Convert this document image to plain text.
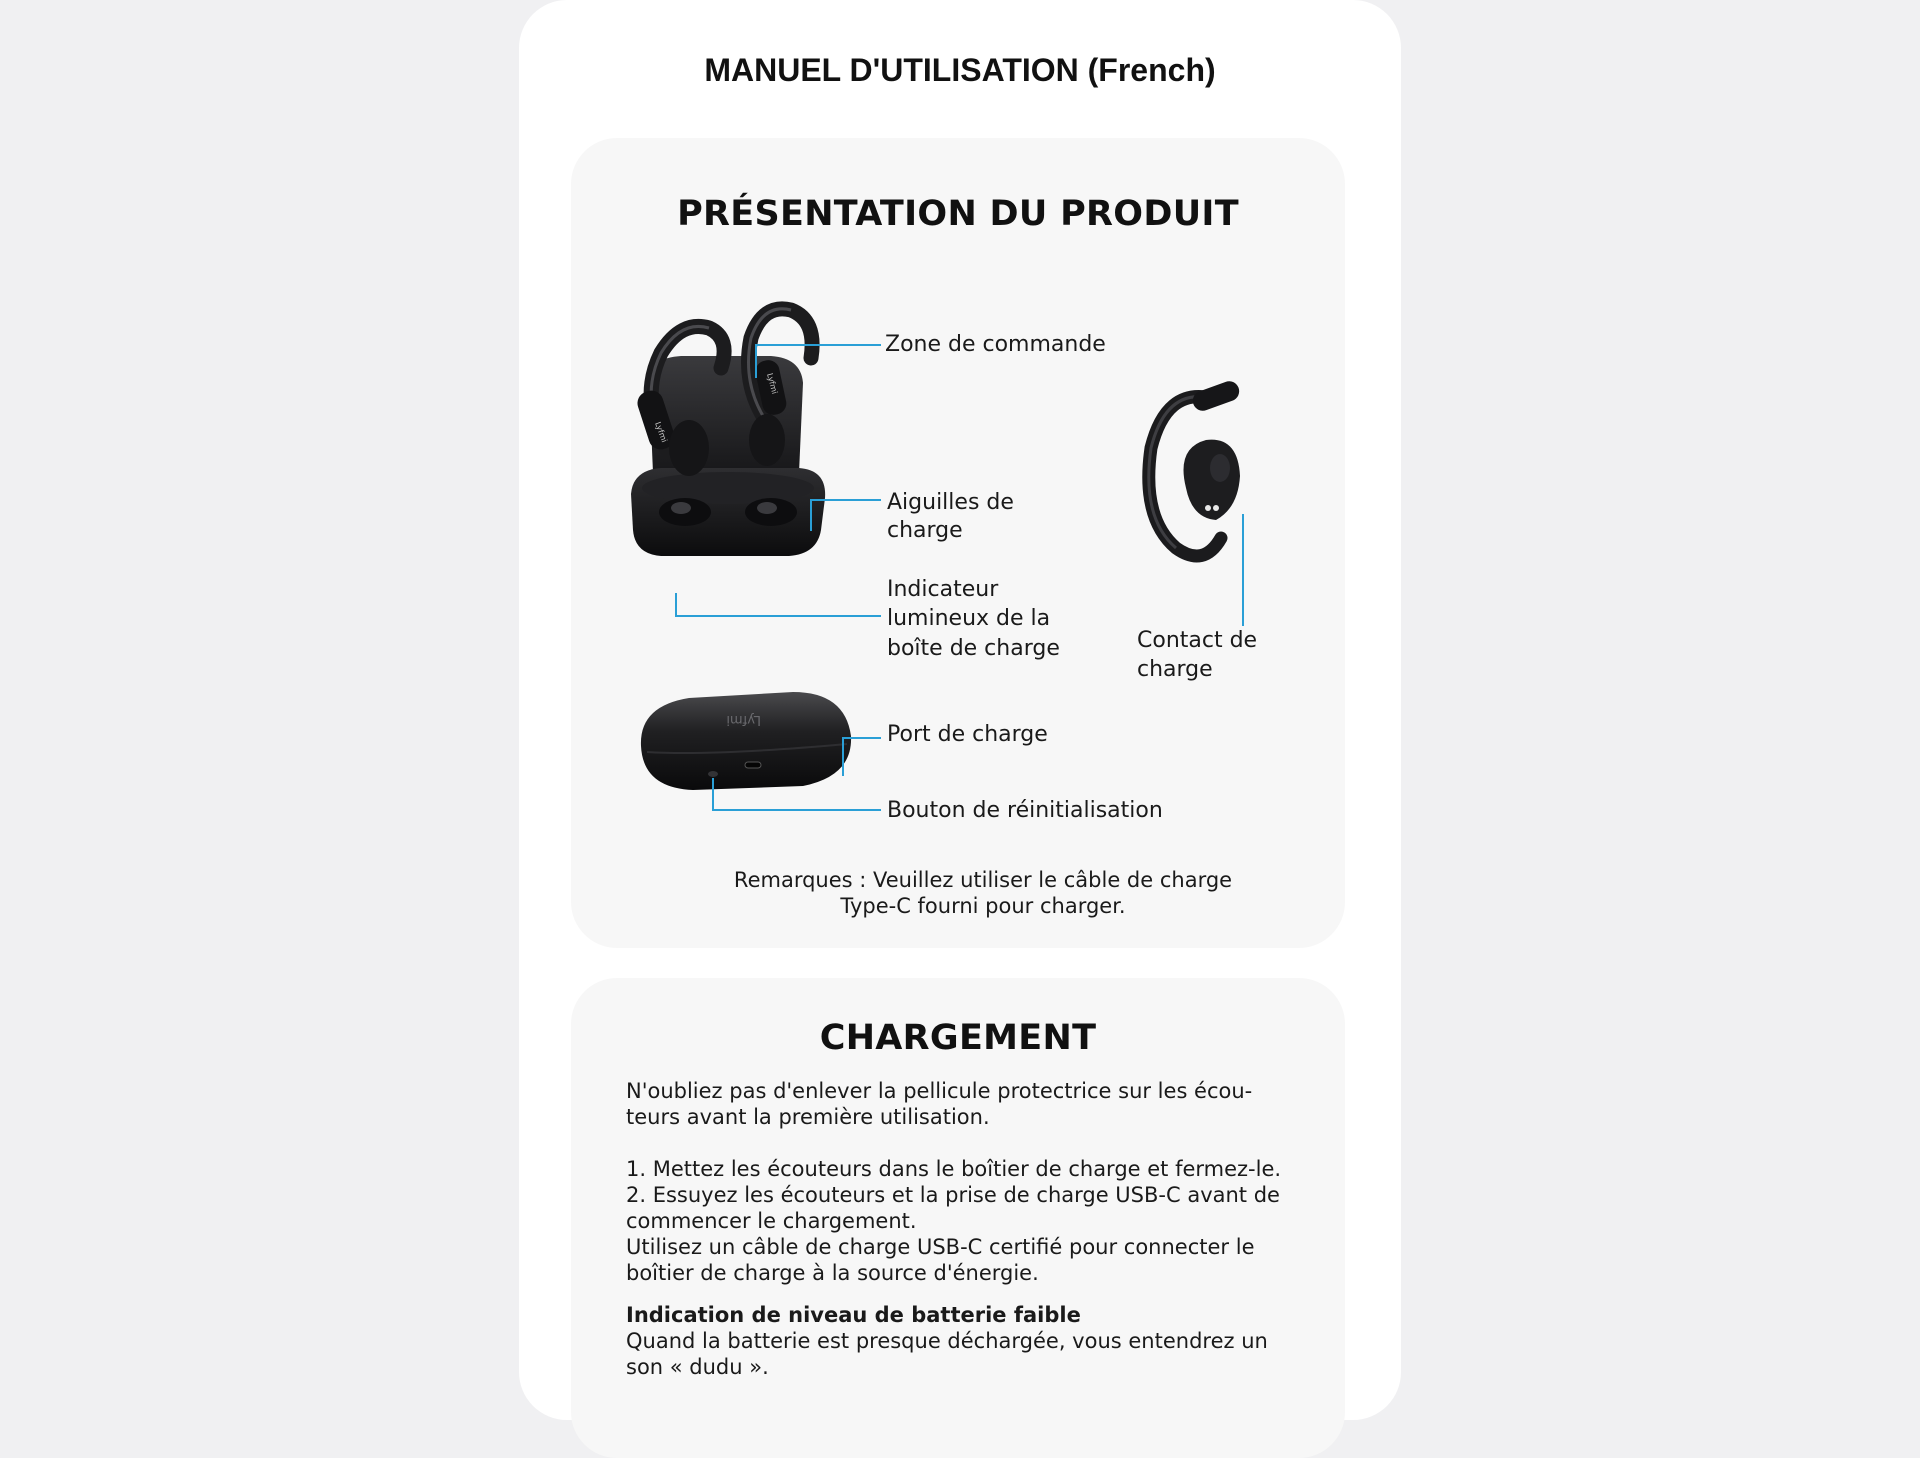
MANUEL D'UTILISATION (French)
PRÉSENTATION DU PRODUIT
Lyfmi
Lyfmi
Lyfmi
Zone de commande
Aiguilles de
charge
Indicateur
lumineux de la
boîte de charge	Contact de
charge
Port de charge
Bouton de réinitialisation
Remarques : Veuillez utiliser le câble de charge
Type-C fourni pour charger.
CHARGEMENT

N'oubliez pas d'enlever la pellicule protectrice sur les écou-

teurs avant la première utilisation.

1. Mettez les écouteurs dans le boîtier de charge et fermez-le.

2. Essuyez les écouteurs et la prise de charge USB-C avant de

commencer le chargement.

Utilisez un câble de charge USB-C certifié pour connecter le

boîtier de charge à la source d'énergie.

Indication de niveau de batterie faible

Quand la batterie est presque déchargée, vous entendrez un

son « dudu ».
